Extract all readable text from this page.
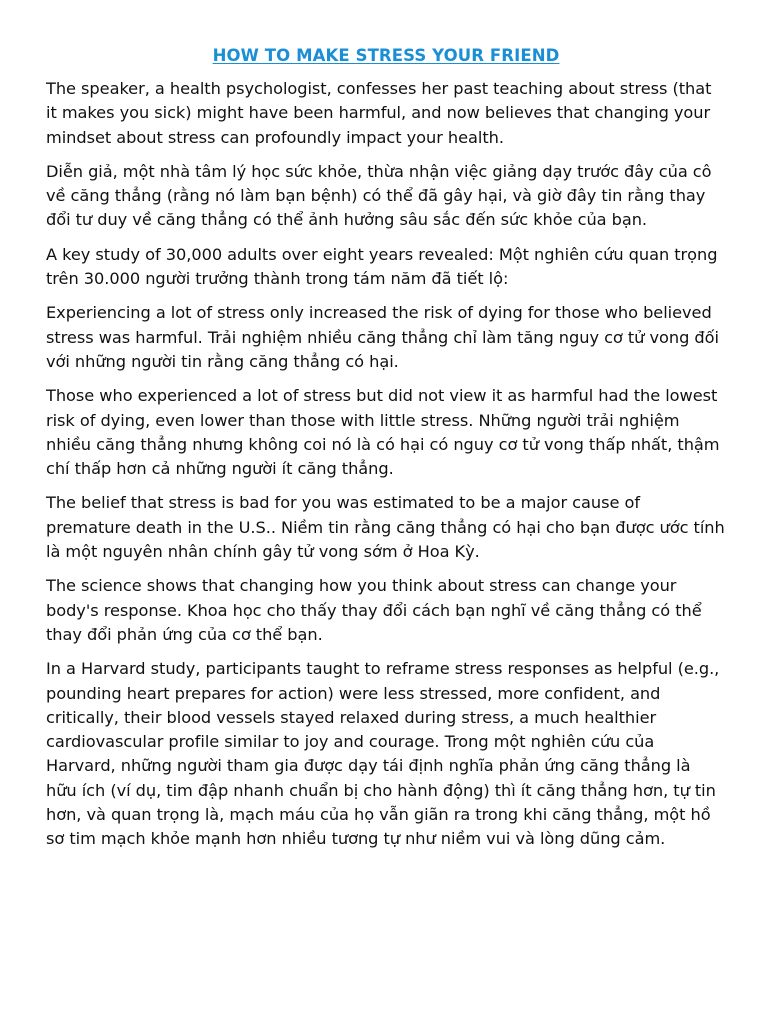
HOW TO MAKE STRESS YOUR FRIEND

The speaker, a health psychologist, confesses her past teaching about stress (that it makes you sick) might have been harmful, and now believes that changing your mindset about stress can profoundly impact your health.

Diễn giả, một nhà tâm lý học sức khỏe, thừa nhận việc giảng dạy trước đây của cô về căng thẳng (rằng nó làm bạn bệnh) có thể đã gây hại, và giờ đây tin rằng thay đổi tư duy về căng thẳng có thể ảnh hưởng sâu sắc đến sức khỏe của bạn.

A key study of 30,000 adults over eight years revealed: Một nghiên cứu quan trọng trên 30.000 người trưởng thành trong tám năm đã tiết lộ:

Experiencing a lot of stress only increased the risk of dying for those who believed stress was harmful. Trải nghiệm nhiều căng thẳng chỉ làm tăng nguy cơ tử vong đối với những người tin rằng căng thẳng có hại.

Those who experienced a lot of stress but did not view it as harmful had the lowest risk of dying, even lower than those with little stress. Những người trải nghiệm nhiều căng thẳng nhưng không coi nó là có hại có nguy cơ tử vong thấp nhất, thậm chí thấp hơn cả những người ít căng thẳng.

The belief that stress is bad for you was estimated to be a major cause of premature death in the U.S.. Niềm tin rằng căng thẳng có hại cho bạn được ước tính là một nguyên nhân chính gây tử vong sớm ở Hoa Kỳ.

The science shows that changing how you think about stress can change your body's response. Khoa học cho thấy thay đổi cách bạn nghĩ về căng thẳng có thể thay đổi phản ứng của cơ thể bạn.

In a Harvard study, participants taught to reframe stress responses as helpful (e.g., pounding heart prepares for action) were less stressed, more confident, and critically, their blood vessels stayed relaxed during stress, a much healthier cardiovascular profile similar to joy and courage. Trong một nghiên cứu của Harvard, những người tham gia được dạy tái định nghĩa phản ứng căng thẳng là hữu ích (ví dụ, tim đập nhanh chuẩn bị cho hành động) thì ít căng thẳng hơn, tự tin hơn, và quan trọng là, mạch máu của họ vẫn giãn ra trong khi căng thẳng, một hồ sơ tim mạch khỏe mạnh hơn nhiều tương tự như niềm vui và lòng dũng cảm.
